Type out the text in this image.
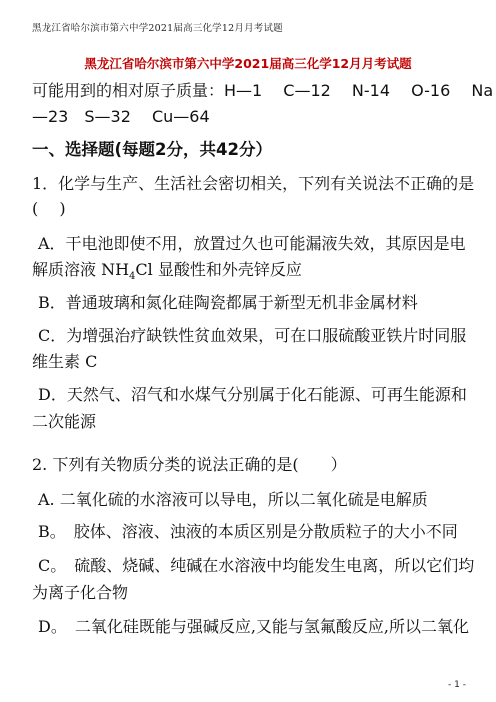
黑龙江省哈尔滨市第六中学2021届高三化学12月月考试题
黑龙江省哈尔滨市第六中学2021届高三化学12月月考试题
可能用到的相对原子质量：H—1　 C—12　 N-14　 O-16　 Na
—23　S—32　 Cu—64
一、选择题(每题2分，共42分）
1．化学与生产、生活社会密切相关，下列有关说法不正确的是
(　 )
A．干电池即使不用，放置过久也可能漏液失效，其原因是电
解质溶液 $NH_4Cl$ 显酸性和外壳锌反应
B．普通玻璃和氮化硅陶瓷都属于新型无机非金属材料
C．为增强治疗缺铁性贫血效果，可在口服硫酸亚铁片时同服
维生素 C
D．天然气、沼气和水煤气分别属于化石能源、可再生能源和
二次能源
2. 下列有关物质分类的说法正确的是(　　）
A. 二氧化硫的水溶液可以导电，所以二氧化硫是电解质
B。　胶体、溶液、浊液的本质区别是分散质粒子的大小不同
C。　硫酸、烧碱、纯碱在水溶液中均能发生电离，所以它们均
为离子化合物
D。　二氧化硅既能与强碱反应,又能与氢氟酸反应,所以二氧化
- 1 -
